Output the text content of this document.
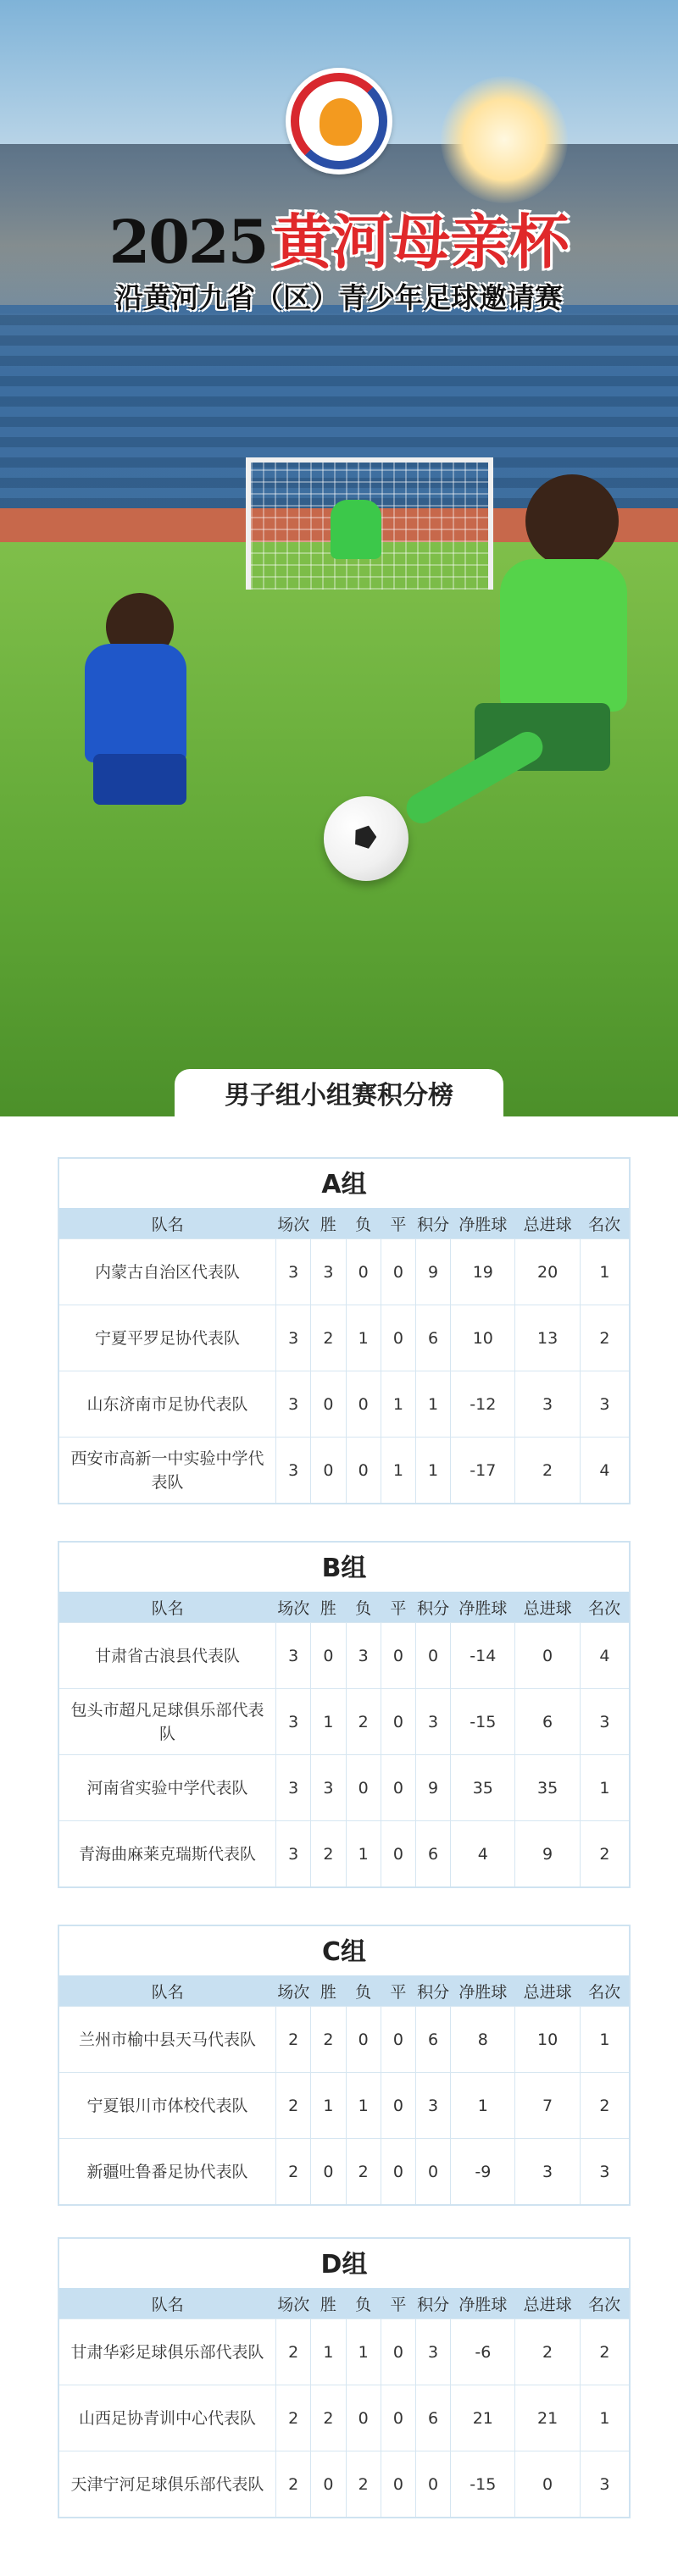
2025黄河母亲杯
沿黄河九省（区）青少年足球邀请赛
男子组小组赛积分榜
A组
队名	场次	胜	负	平	积分	净胜球	总进球	名次
内蒙古自治区代表队	3	3	0	0	9	19	20	1
宁夏平罗足协代表队	3	2	1	0	6	10	13	2
山东济南市足协代表队	3	0	0	1	1	-12	3	3
西安市高新一中实验中学代表队	3	0	0	1	1	-17	2	4
B组
队名	场次	胜	负	平	积分	净胜球	总进球	名次
甘肃省古浪县代表队	3	0	3	0	0	-14	0	4
包头市超凡足球俱乐部代表队	3	1	2	0	3	-15	6	3
河南省实验中学代表队	3	3	0	0	9	35	35	1
青海曲麻莱克瑞斯代表队	3	2	1	0	6	4	9	2
C组
队名	场次	胜	负	平	积分	净胜球	总进球	名次
兰州市榆中县天马代表队	2	2	0	0	6	8	10	1
宁夏银川市体校代表队	2	1	1	0	3	1	7	2
新疆吐鲁番足协代表队	2	0	2	0	0	-9	3	3
D组
队名	场次	胜	负	平	积分	净胜球	总进球	名次
甘肃华彩足球俱乐部代表队	2	1	1	0	3	-6	2	2
山西足协青训中心代表队	2	2	0	0	6	21	21	1
天津宁河足球俱乐部代表队	2	0	2	0	0	-15	0	3
